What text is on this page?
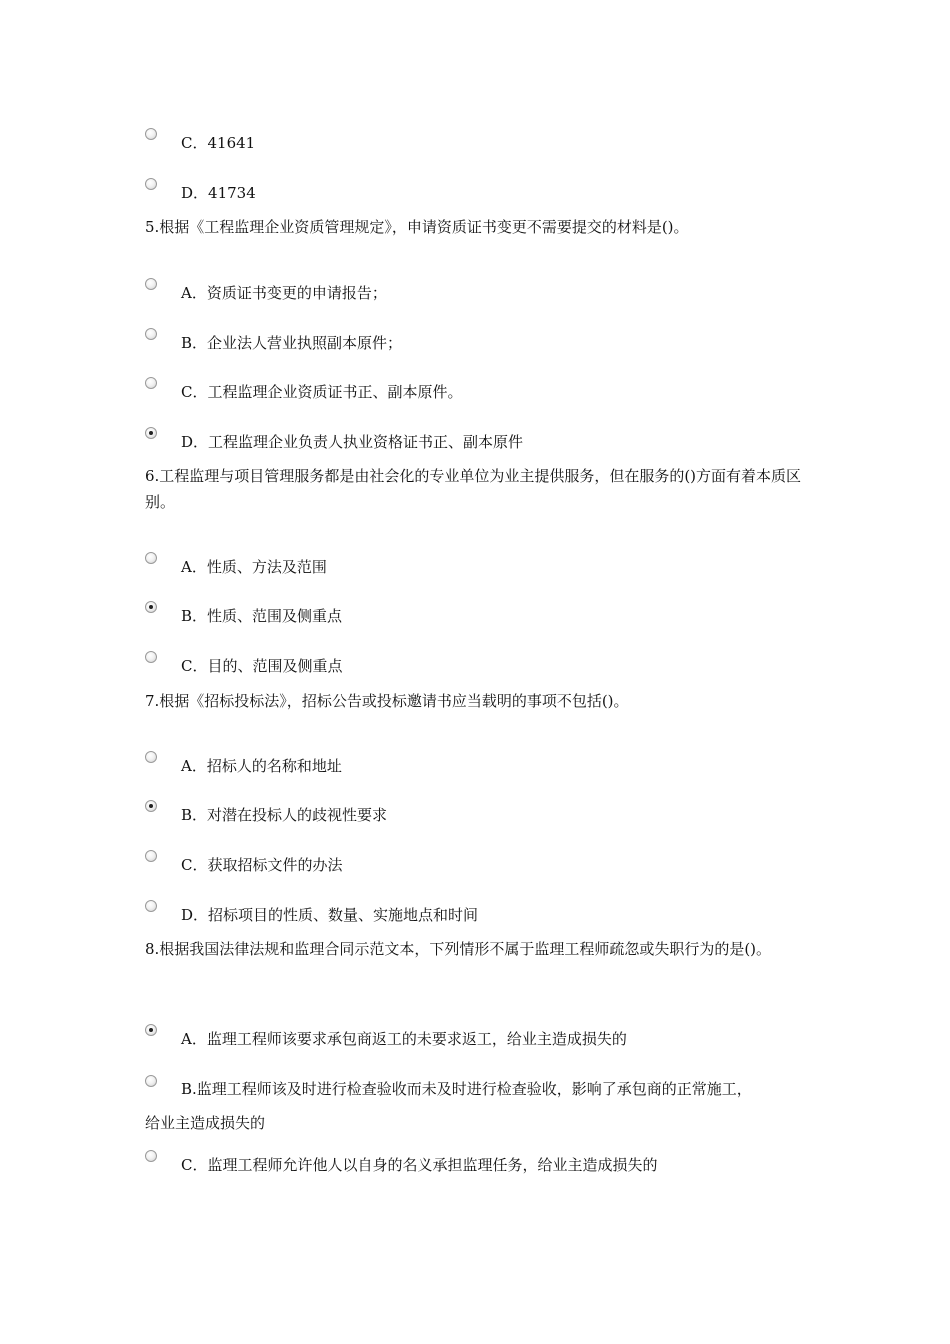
C．41641
D．41734
5.根据《工程监理企业资质管理规定》，申请资质证书变更不需要提交的材料是()。
A．资质证书变更的申请报告；
B．企业法人营业执照副本原件；
C．工程监理企业资质证书正、副本原件。
D．工程监理企业负责人执业资格证书正、副本原件
6.工程监理与项目管理服务都是由社会化的专业单位为业主提供服务，但在服务的()方面有着本质区别。
A．性质、方法及范围
B．性质、范围及侧重点
C．目的、范围及侧重点
7.根据《招标投标法》，招标公告或投标邀请书应当载明的事项不包括()。
A．招标人的名称和地址
B．对潜在投标人的歧视性要求
C．获取招标文件的办法
D．招标项目的性质、数量、实施地点和时间
8.根据我国法律法规和监理合同示范文本，下列情形不属于监理工程师疏忽或失职行为的是()。
A．监理工程师该要求承包商返工的未要求返工，给业主造成损失的
B.监理工程师该及时进行检查验收而未及时进行检查验收，影响了承包商的正常施工，
给业主造成损失的
C．监理工程师允许他人以自身的名义承担监理任务，给业主造成损失的
